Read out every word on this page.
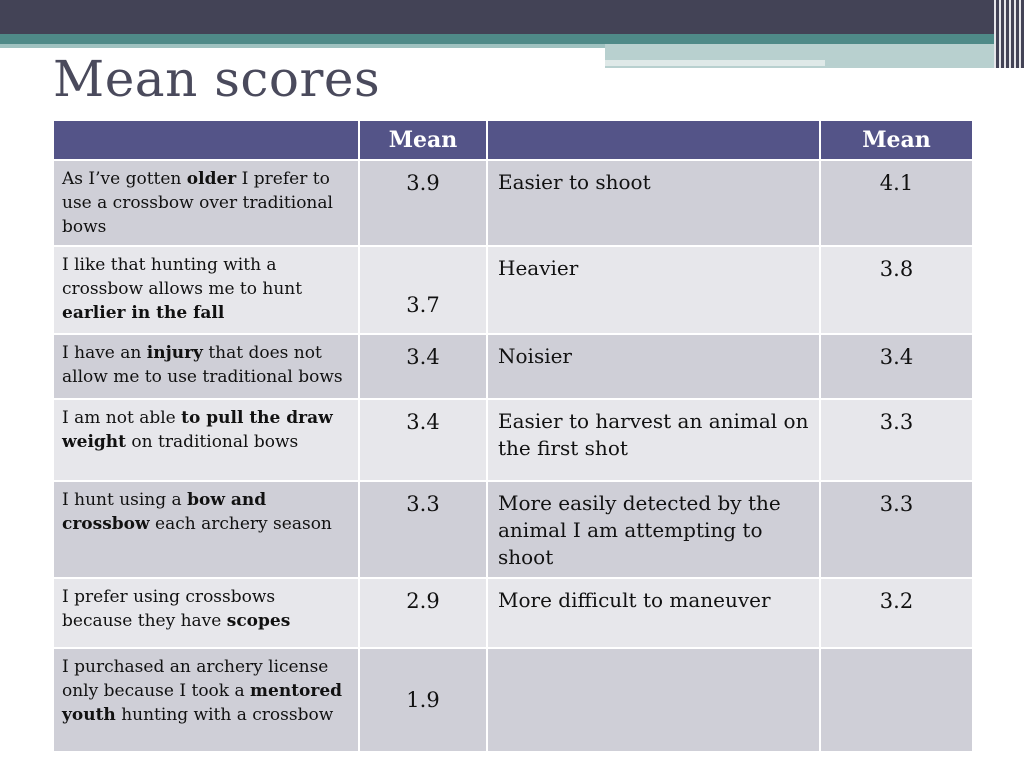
Mean scores
	Mean		Mean
As I’ve gotten older I prefer to use a crossbow over traditional bows	3.9	Easier to shoot	4.1
I like that hunting with a crossbow allows me to hunt earlier in the fall	3.7	Heavier	3.8
I have an injury that does not allow me to use traditional bows	3.4	Noisier	3.4
I am not able to pull the draw weight on traditional bows	3.4	Easier to harvest an animal on the first shot	3.3
I hunt using a bow and crossbow each archery season	3.3	More easily detected by the animal I am attempting to shoot	3.3
I prefer using crossbows because they have scopes	2.9	More difficult to maneuver	3.2
I purchased an archery license only because I took a mentored youth hunting with a crossbow	1.9		
